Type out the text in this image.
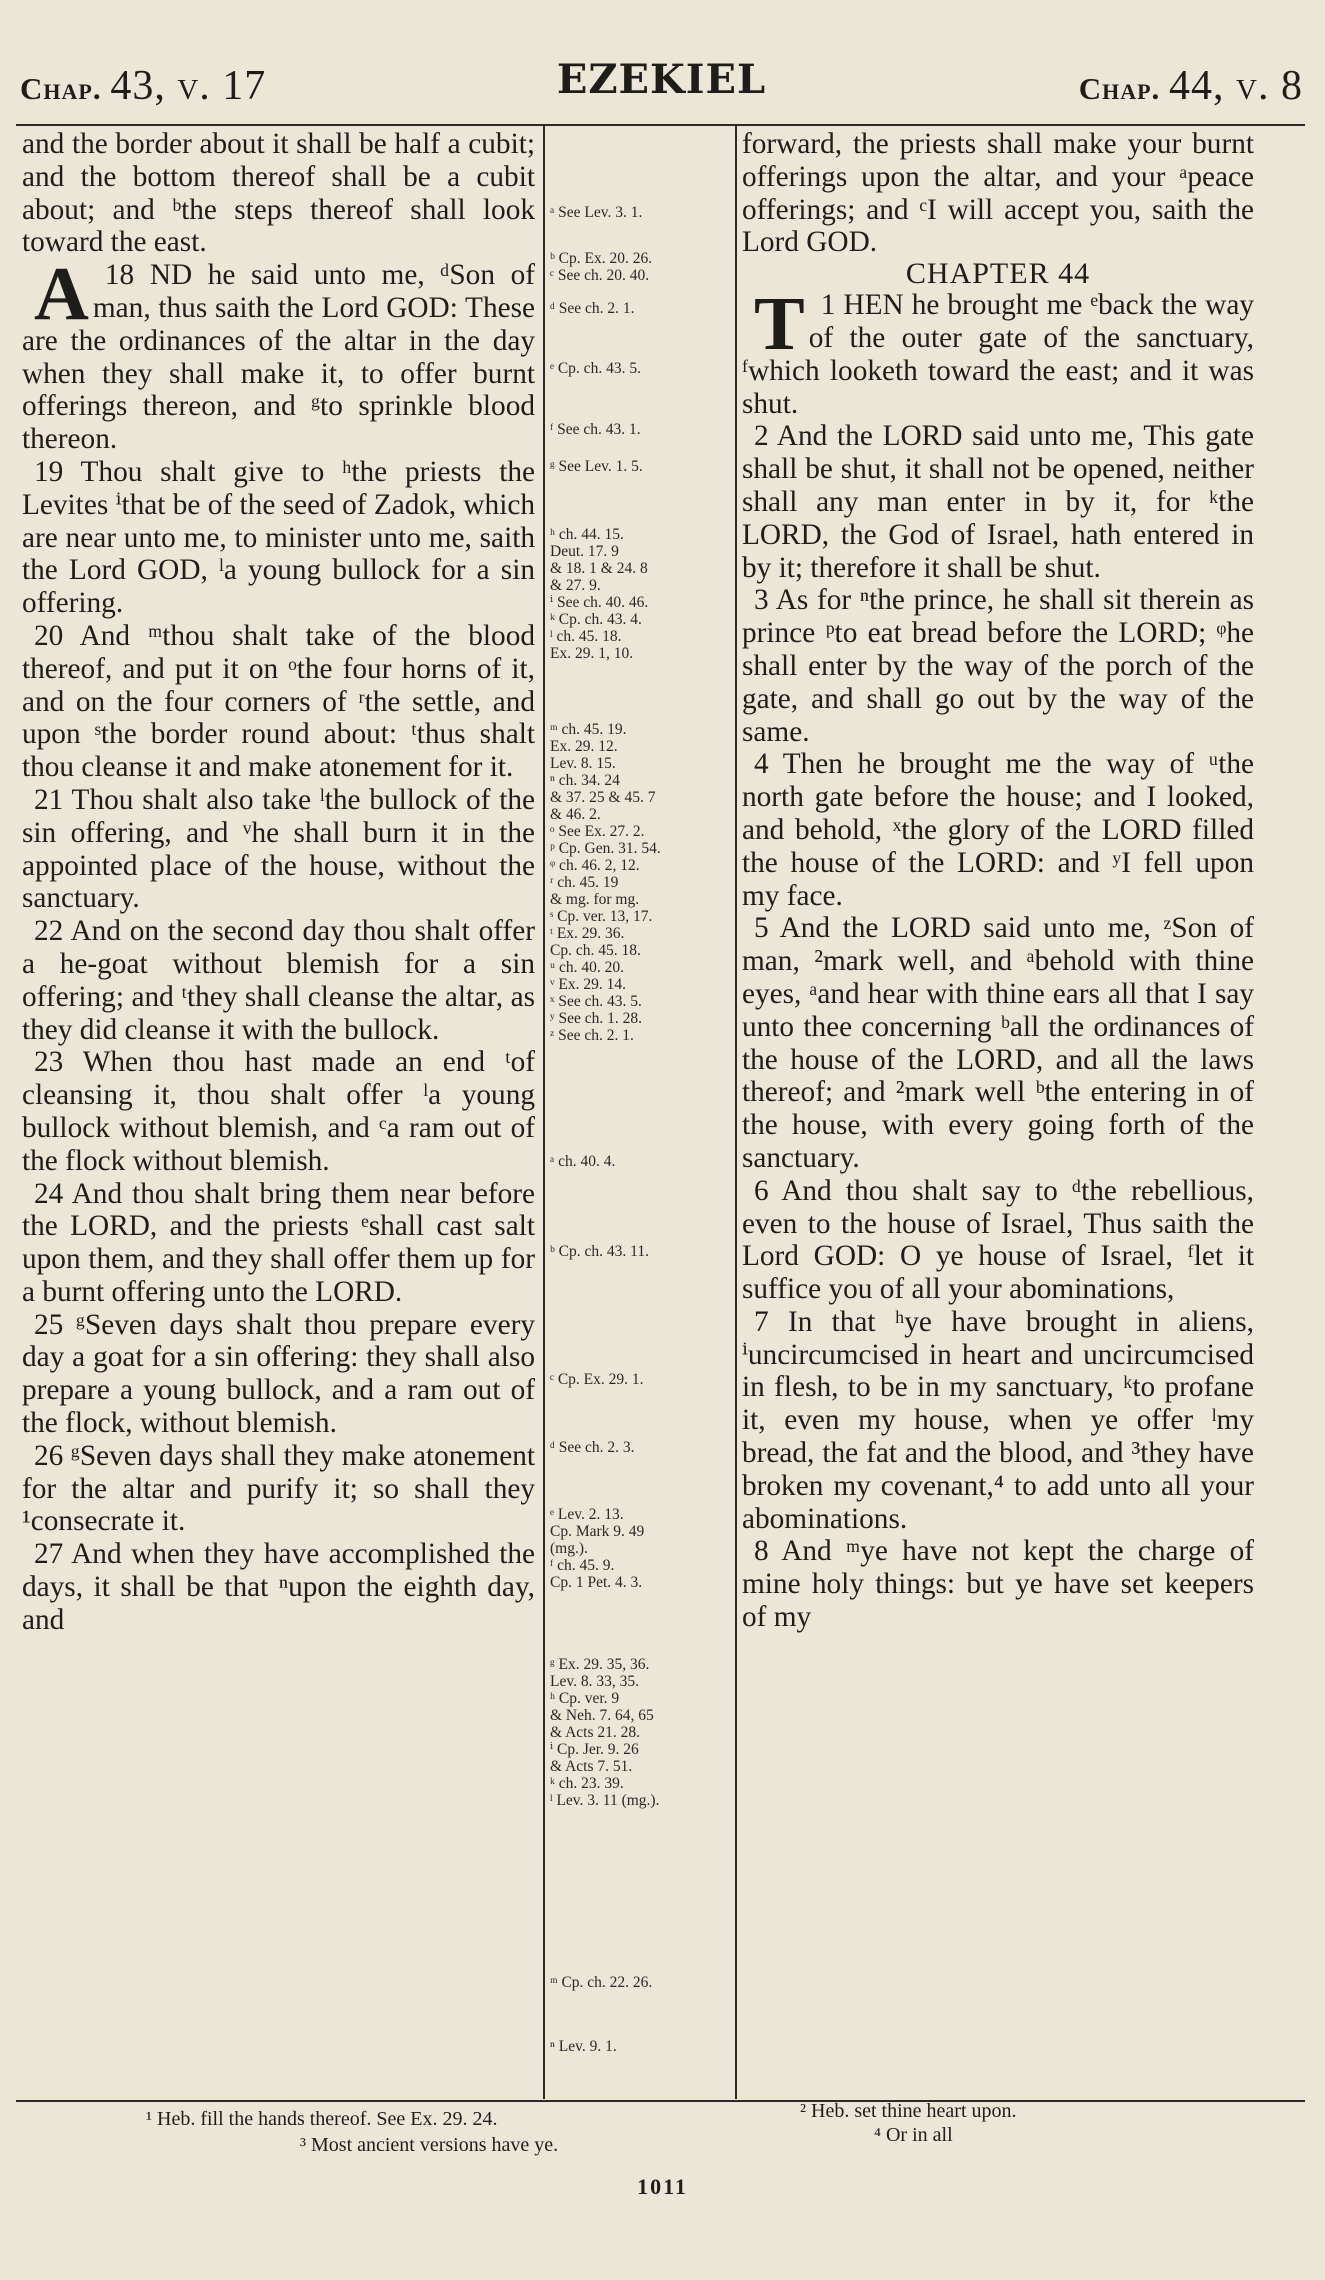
Chap. 43, v. 17	EZEKIEL	Chap. 44, v. 8

and the border about it shall be half a cubit; and the bottom thereof shall be a cubit about; and ᵇthe steps thereof shall look toward the east.

18
A ND he said unto me, ᵈSon of man, thus saith the Lord GOD: These are the ordinances of the altar in the day when they shall make it, to offer burnt offerings thereon, and ᵍto sprinkle blood thereon.

19 Thou shalt give to ʰthe priests the Levites ⁱthat be of the seed of Zadok, which are near unto me, to minister unto me, saith the Lord GOD, ˡa young bullock for a sin offering.

20 And ᵐthou shalt take of the blood thereof, and put it on ᵒthe four horns of it, and on the four corners of ʳthe settle, and upon ˢthe border round about: ᵗthus shalt thou cleanse it and make atonement for it.

21 Thou shalt also take ˡthe bullock of the sin offering, and ᵛhe shall burn it in the appointed place of the house, without the sanctuary.

22 And on the second day thou shalt offer a he-goat without blemish for a sin offering; and ᵗthey shall cleanse the altar, as they did cleanse it with the bullock.

23 When thou hast made an end ᵗof cleansing it, thou shalt offer ˡa young bullock without blemish, and ᶜa ram out of the flock without blemish.

24 And thou shalt bring them near before the LORD, and the priests ᵉshall cast salt upon them, and they shall offer them up for a burnt offering unto the LORD.

25 ᵍSeven days shalt thou prepare every day a goat for a sin offering: they shall also prepare a young bullock, and a ram out of the flock, without blemish.

26 ᵍSeven days shall they make atonement for the altar and purify it; so shall they ¹consecrate it.

27 And when they have accomplished the days, it shall be that ⁿupon the eighth day, and

ᵃ See Lev. 3. 1.
ᵇ Cp. Ex. 20. 26.
ᶜ See ch. 20. 40.
ᵈ See ch. 2. 1.
ᵉ Cp. ch. 43. 5.
ᶠ See ch. 43. 1.
ᵍ See Lev. 1. 5.
ʰ ch. 44. 15.
Deut. 17. 9
& 18. 1 & 24. 8
& 27. 9.
ⁱ See ch. 40. 46.
ᵏ Cp. ch. 43. 4.
ˡ ch. 45. 18.
Ex. 29. 1, 10.
ᵐ ch. 45. 19.
Ex. 29. 12.
Lev. 8. 15.
ⁿ ch. 34. 24
& 37. 25 & 45. 7
& 46. 2.
ᵒ See Ex. 27. 2.
ᵖ Cp. Gen. 31. 54.
ᵠ ch. 46. 2, 12.
ʳ ch. 45. 19
& mg. for mg.
ˢ Cp. ver. 13, 17.
ᵗ Ex. 29. 36.
Cp. ch. 45. 18.
ᵘ ch. 40. 20.
ᵛ Ex. 29. 14.
ˣ See ch. 43. 5.
ʸ See ch. 1. 28.
ᶻ See ch. 2. 1.
ᵃ ch. 40. 4.
ᵇ Cp. ch. 43. 11.
ᶜ Cp. Ex. 29. 1.
ᵈ See ch. 2. 3.
ᵉ Lev. 2. 13.
Cp. Mark 9. 49
(mg.).
ᶠ ch. 45. 9.
Cp. 1 Pet. 4. 3.
ᵍ Ex. 29. 35, 36.
Lev. 8. 33, 35.
ʰ Cp. ver. 9
& Neh. 7. 64, 65
& Acts 21. 28.
ⁱ Cp. Jer. 9. 26
& Acts 7. 51.
ᵏ ch. 23. 39.
ˡ Lev. 3. 11 (mg.).
ᵐ Cp. ch. 22. 26.
ⁿ Lev. 9. 1.

forward, the priests shall make your burnt offerings upon the altar, and your ᵃpeace offerings; and ᶜI will accept you, saith the Lord GOD.

CHAPTER 44

1
T HEN he brought me ᵉback the way of the outer gate of the sanctuary, ᶠwhich looketh toward the east; and it was shut.

2 And the LORD said unto me, This gate shall be shut, it shall not be opened, neither shall any man enter in by it, for ᵏthe LORD, the God of Israel, hath entered in by it; therefore it shall be shut.

3 As for ⁿthe prince, he shall sit therein as prince ᵖto eat bread before the LORD; ᵠhe shall enter by the way of the porch of the gate, and shall go out by the way of the same.

4 Then he brought me the way of ᵘthe north gate before the house; and I looked, and behold, ˣthe glory of the LORD filled the house of the LORD: and ʸI fell upon my face.

5 And the LORD said unto me, ᶻSon of man, ²mark well, and ᵃbehold with thine eyes, ᵃand hear with thine ears all that I say unto thee concerning ᵇall the ordinances of the house of the LORD, and all the laws thereof; and ²mark well ᵇthe entering in of the house, with every going forth of the sanctuary.

6 And thou shalt say to ᵈthe rebellious, even to the house of Israel, Thus saith the Lord GOD: O ye house of Israel, ᶠlet it suffice you of all your abominations,

7 In that ʰye have brought in aliens, ⁱuncircumcised in heart and uncircumcised in flesh, to be in my sanctuary, ᵏto profane it, even my house, when ye offer ˡmy bread, the fat and the blood, and ³they have broken my covenant,⁴ to add unto all your abominations.

8 And ᵐye have not kept the charge of mine holy things: but ye have set keepers of my

¹ Heb. fill the hands thereof. See Ex. 29. 24.
³ Most ancient versions have ye.
² Heb. set thine heart upon.
⁴ Or in all
1011
